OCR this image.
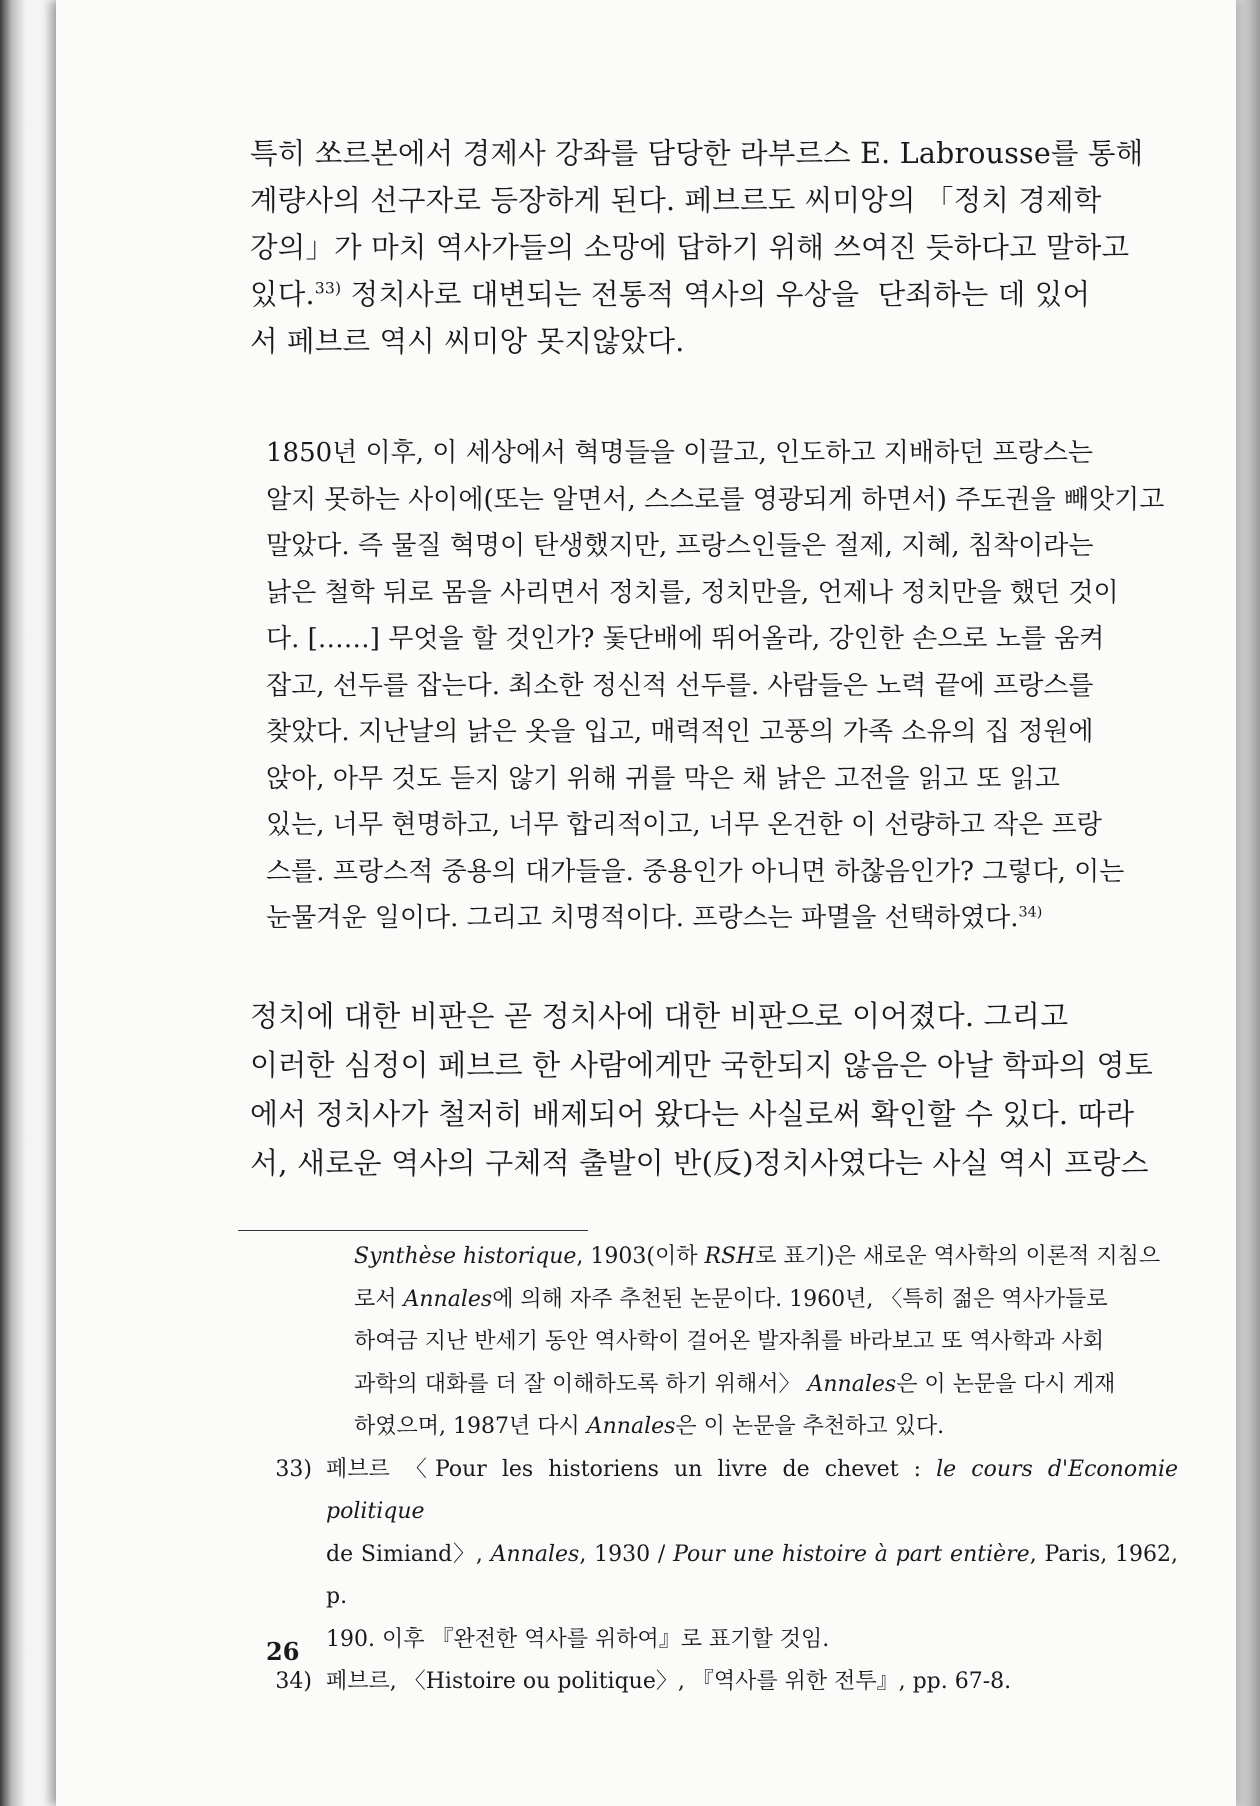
특히 쏘르본에서 경제사 강좌를 담당한 라부르스 E. Labrousse를 통해
계량사의 선구자로 등장하게 된다. 페브르도 씨미앙의 「정치 경제학
강의」가 마치 역사가들의 소망에 답하기 위해 쓰여진 듯하다고 말하고
있다.$^{33)}$ 정치사로 대변되는 전통적 역사의 우상을  단죄하는 데 있어
서 페브르 역시 씨미앙 못지않았다.

1850년 이후, 이 세상에서 혁명들을 이끌고, 인도하고 지배하던 프랑스는
알지 못하는 사이에(또는 알면서, 스스로를 영광되게 하면서) 주도권을 빼앗기고
말았다. 즉 물질 혁명이 탄생했지만, 프랑스인들은 절제, 지혜, 침착이라는
낡은 철학 뒤로 몸을 사리면서 정치를, 정치만을, 언제나 정치만을 했던 것이
다. [……] 무엇을 할 것인가? 돛단배에 뛰어올라, 강인한 손으로 노를 움켜
잡고, 선두를 잡는다. 최소한 정신적 선두를. 사람들은 노력 끝에 프랑스를
찾았다. 지난날의 낡은 옷을 입고, 매력적인 고풍의 가족 소유의 집 정원에
앉아, 아무 것도 듣지 않기 위해 귀를 막은 채 낡은 고전을 읽고 또 읽고
있는, 너무 현명하고, 너무 합리적이고, 너무 온건한 이 선량하고 작은 프랑
스를. 프랑스적 중용의 대가들을. 중용인가 아니면 하찮음인가? 그렇다, 이는
눈물겨운 일이다. 그리고 치명적이다. 프랑스는 파멸을 선택하였다.$^{34)}$

정치에 대한 비판은 곧 정치사에 대한 비판으로 이어졌다. 그리고
이러한 심정이 페브르 한 사람에게만 국한되지 않음은 아날 학파의 영토
에서 정치사가 철저히 배제되어 왔다는 사실로써 확인할 수 있다. 따라
서, 새로운 역사의 구체적 출발이 반(反)정치사였다는 사실 역시 프랑스

Synthèse historique, 1903(이하 RSH로 표기)은 새로운 역사학의 이론적 지침으
로서 Annales에 의해 자주 추천된 논문이다. 1960년, 〈특히 젊은 역사가들로
하여금 지난 반세기 동안 역사학이 걸어온 발자취를 바라보고 또 역사학과 사회
과학의 대화를 더 잘 이해하도록 하기 위해서〉 Annales은 이 논문을 다시 게재
하였으며, 1987년 다시 Annales은 이 논문을 추천하고 있다.

33) 페브르 〈Pour les historiens un livre de chevet : le cours d'Economie politique
de Simiand〉, Annales, 1930 / Pour une histoire à part entière, Paris, 1962, p.
190. 이후 『완전한 역사를 위하여』로 표기할 것임.
34) 페브르, 〈Histoire ou politique〉, 『역사를 위한 전투』, pp. 67-8.
26
